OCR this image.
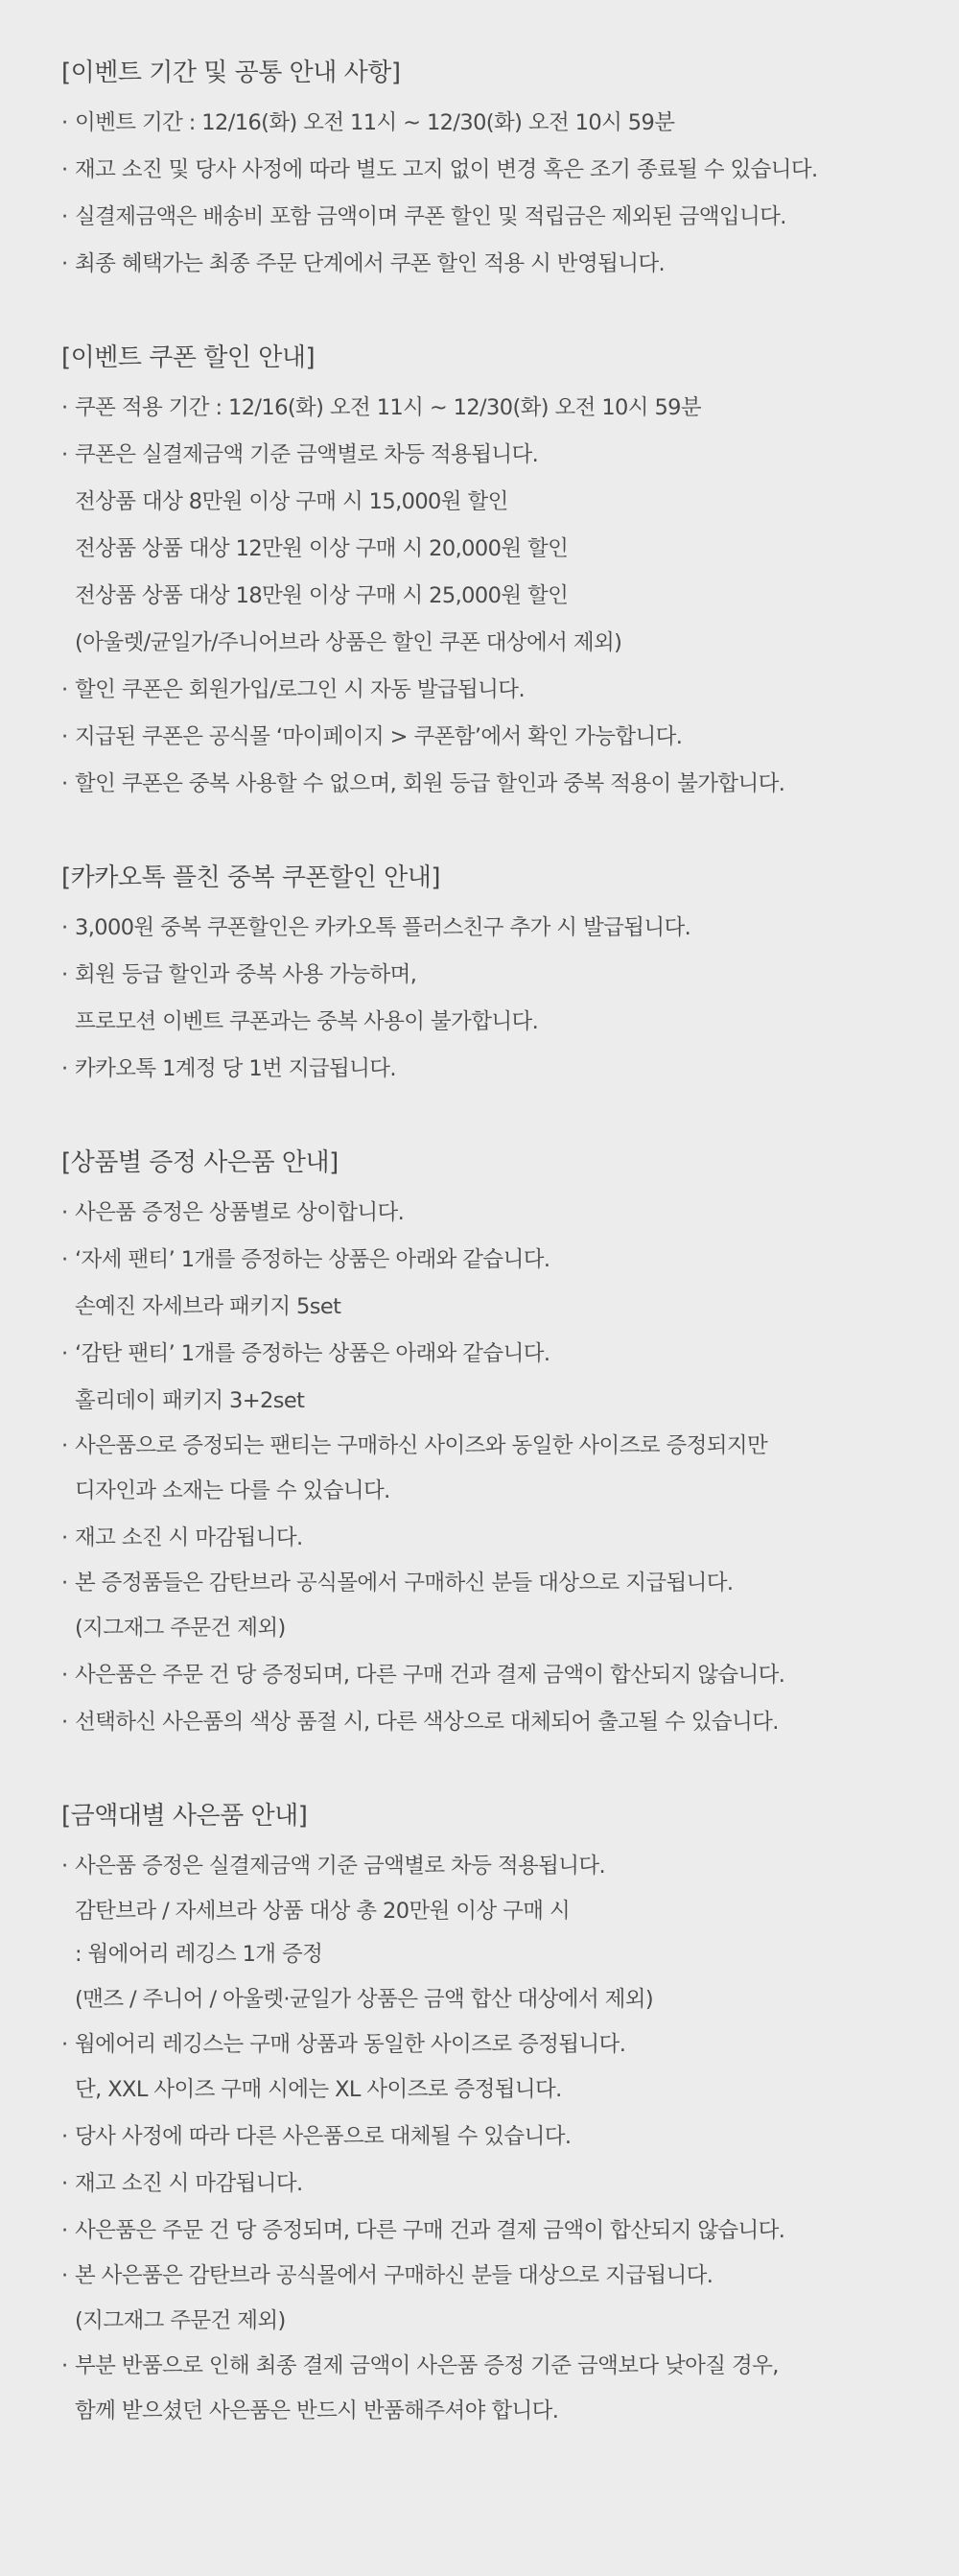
[이벤트 기간 및 공통 안내 사항]
· 이벤트 기간 : 12/16(화) 오전 11시 ~ 12/30(화) 오전 10시 59분
· 재고 소진 및 당사 사정에 따라 별도 고지 없이 변경 혹은 조기 종료될 수 있습니다.
· 실결제금액은 배송비 포함 금액이며 쿠폰 할인 및 적립금은 제외된 금액입니다.
· 최종 혜택가는 최종 주문 단계에서 쿠폰 할인 적용 시 반영됩니다.
[이벤트 쿠폰 할인 안내]
· 쿠폰 적용 기간 : 12/16(화) 오전 11시 ~ 12/30(화) 오전 10시 59분
· 쿠폰은 실결제금액 기준 금액별로 차등 적용됩니다.
전상품 대상 8만원 이상 구매 시 15,000원 할인
전상품 상품 대상 12만원 이상 구매 시 20,000원 할인
전상품 상품 대상 18만원 이상 구매 시 25,000원 할인
(아울렛/균일가/주니어브라 상품은 할인 쿠폰 대상에서 제외)
· 할인 쿠폰은 회원가입/로그인 시 자동 발급됩니다.
· 지급된 쿠폰은 공식몰 ‘마이페이지 > 쿠폰함’에서 확인 가능합니다.
· 할인 쿠폰은 중복 사용할 수 없으며, 회원 등급 할인과 중복 적용이 불가합니다.
[카카오톡 플친 중복 쿠폰할인 안내]
· 3,000원 중복 쿠폰할인은 카카오톡 플러스친구 추가 시 발급됩니다.
· 회원 등급 할인과 중복 사용 가능하며,
프로모션 이벤트 쿠폰과는 중복 사용이 불가합니다.
· 카카오톡 1계정 당 1번 지급됩니다.
[상품별 증정 사은품 안내]
· 사은품 증정은 상품별로 상이합니다.
· ‘자세 팬티’ 1개를 증정하는 상품은 아래와 같습니다.
손예진 자세브라 패키지 5set
· ‘감탄 팬티’ 1개를 증정하는 상품은 아래와 같습니다.
홀리데이 패키지 3+2set
· 사은품으로 증정되는 팬티는 구매하신 사이즈와 동일한 사이즈로 증정되지만
디자인과 소재는 다를 수 있습니다.
· 재고 소진 시 마감됩니다.
· 본 증정품들은 감탄브라 공식몰에서 구매하신 분들 대상으로 지급됩니다.
(지그재그 주문건 제외)
· 사은품은 주문 건 당 증정되며, 다른 구매 건과 결제 금액이 합산되지 않습니다.
· 선택하신 사은품의 색상 품절 시, 다른 색상으로 대체되어 출고될 수 있습니다.
[금액대별 사은품 안내]
· 사은품 증정은 실결제금액 기준 금액별로 차등 적용됩니다.
감탄브라 / 자세브라 상품 대상 총 20만원 이상 구매 시
: 웜에어리 레깅스 1개 증정
(맨즈 / 주니어 / 아울렛·균일가 상품은 금액 합산 대상에서 제외)
· 웜에어리 레깅스는 구매 상품과 동일한 사이즈로 증정됩니다.
단, XXL 사이즈 구매 시에는 XL 사이즈로 증정됩니다.
· 당사 사정에 따라 다른 사은품으로 대체될 수 있습니다.
· 재고 소진 시 마감됩니다.
· 사은품은 주문 건 당 증정되며, 다른 구매 건과 결제 금액이 합산되지 않습니다.
· 본 사은품은 감탄브라 공식몰에서 구매하신 분들 대상으로 지급됩니다.
(지그재그 주문건 제외)
· 부분 반품으로 인해 최종 결제 금액이 사은품 증정 기준 금액보다 낮아질 경우,
함께 받으셨던 사은품은 반드시 반품해주셔야 합니다.
